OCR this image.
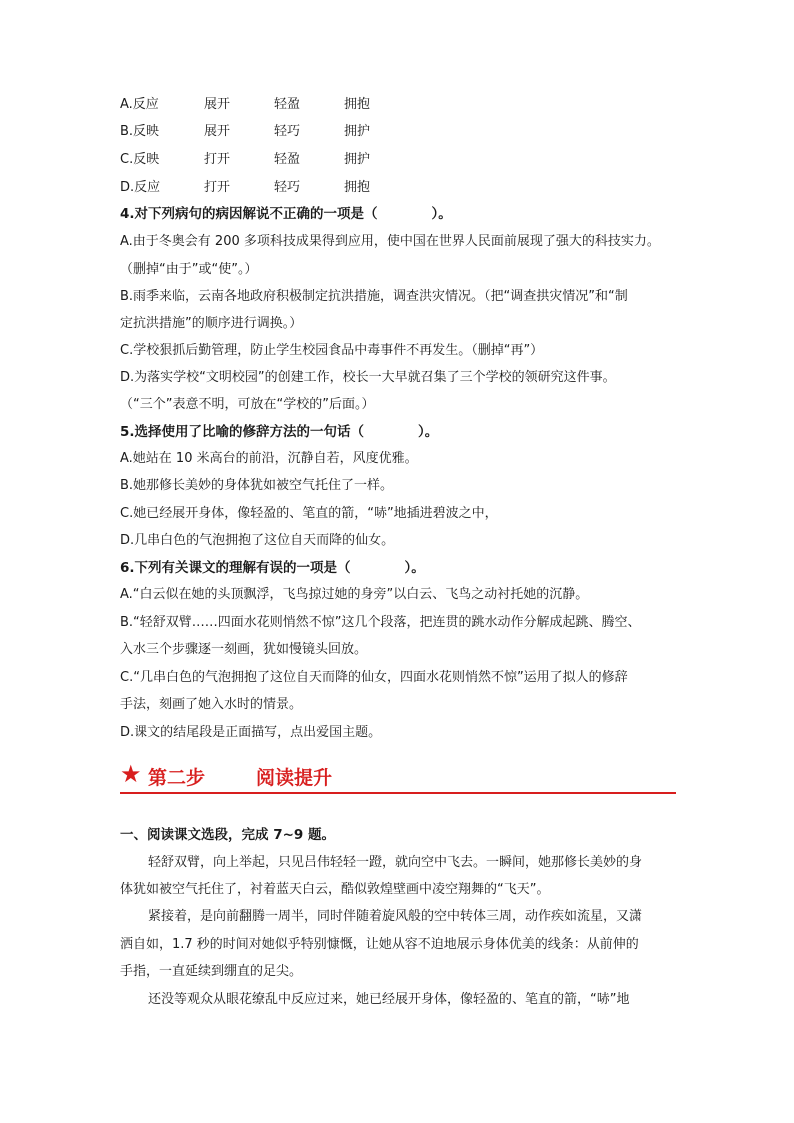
A.反应	展开	轻盈	拥抱
B.反映	展开	轻巧	拥护
C.反映	打开	轻盈	拥护
D.反应	打开	轻巧	拥抱
4.对下列病句的病因解说不正确的一项是（　　　　）。
A.由于冬奥会有 200 多项科技成果得到应用，使中国在世界人民面前展现了强大的科技实力。
（删掉“由于”或“使”。）
B.雨季来临，云南各地政府积极制定抗洪措施，调查洪灾情况。（把“调查拱灾情况”和“制
定抗洪措施”的顺序进行调换。）
C.学校狠抓后勤管理，防止学生校园食品中毒事件不再发生。（删掉“再”）
D.为落实学校“文明校园”的创建工作，校长一大早就召集了三个学校的领研究这件事。
（“三个”表意不明，可放在“学校的”后面。）
5.选择使用了比喻的修辞方法的一句话（　　　　）。
A.她站在 10 米高台的前沿，沉静自若，风度优雅。
B.她那修长美妙的身体犹如被空气托住了一样。
C.她已经展开身体，像轻盈的、笔直的箭，“哧”地插进碧波之中，
D.几串白色的气泡拥抱了这位自天而降的仙女。
6.下列有关课文的理解有误的一项是（　　　　）。
A.“白云似在她的头顶飘浮，飞鸟掠过她的身旁”以白云、飞鸟之动衬托她的沉静。
B.“轻舒双臂……四面水花则悄然不惊”这几个段落，把连贯的跳水动作分解成起跳、腾空、
入水三个步骤逐一刻画，犹如慢镜头回放。
C.“几串白色的气泡拥抱了这位自天而降的仙女，四面水花则悄然不惊”运用了拟人的修辞
手法，刻画了她入水时的情景。
D.课文的结尾段是正面描写，点出爱国主题。
★ 第二步	阅读提升
一、阅读课文选段，完成 7~9 题。
轻舒双臂，向上举起，只见吕伟轻轻一蹬，就向空中飞去。一瞬间，她那修长美妙的身
体犹如被空气托住了，衬着蓝天白云，酷似敦煌壁画中凌空翔舞的“飞天”。
紧接着，是向前翻腾一周半，同时伴随着旋风般的空中转体三周，动作疾如流星，又潇
洒自如，1.7 秒的时间对她似乎特别慷慨，让她从容不迫地展示身体优美的线条：从前伸的
手指，一直延续到绷直的足尖。
还没等观众从眼花缭乱中反应过来，她已经展开身体，像轻盈的、笔直的箭，“哧”地
